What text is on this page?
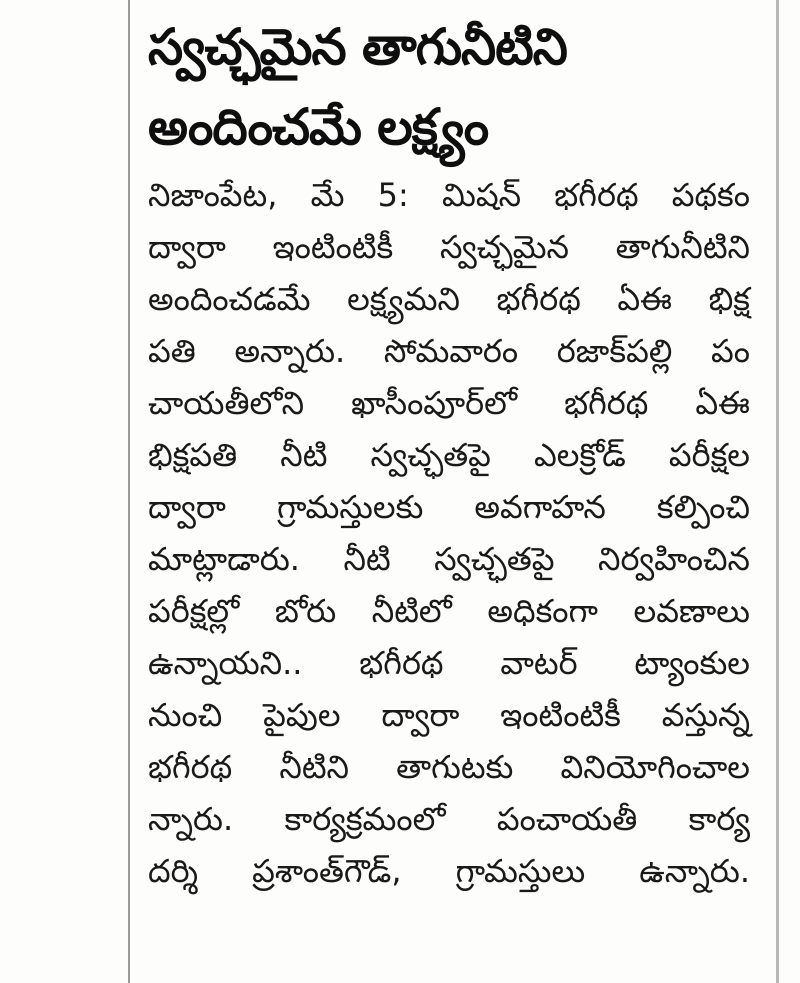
స్వచ్ఛమైన తాగునీటిని
అందించమే లక్ష్యం
నిజాంపేట, మే 5: మిషన్ భగీరథ పథకం
ద్వారా ఇంటింటికీ స్వచ్ఛమైన తాగునీటిని
అందించడమే లక్ష్యమని భగీరథ ఏఈ భిక్ష
పతి అన్నారు. సోమవారం రజాక్‌పల్లి పం
చాయతీలోని ఖాసీంపూర్‌లో భగీరథ ఏఈ
భిక్షపతి నీటి స్వచ్ఛతపై ఎలక్రోడ్ పరీక్షల
ద్వారా గ్రామస్తులకు అవగాహన కల్పించి
మాట్లాడారు. నీటి స్వచ్ఛతపై నిర్వహించిన
పరీక్షల్లో బోరు నీటిలో అధికంగా లవణాలు
ఉన్నాయని.. భగీరథ వాటర్ ట్యాంకుల
నుంచి పైపుల ద్వారా ఇంటింటికీ వస్తున్న
భగీరథ నీటిని తాగుటకు వినియోగించాల
న్నారు. కార్యక్రమంలో పంచాయతీ కార్య
దర్శి ప్రశాంత్‌గౌడ్, గ్రామస్తులు ఉన్నారు.
